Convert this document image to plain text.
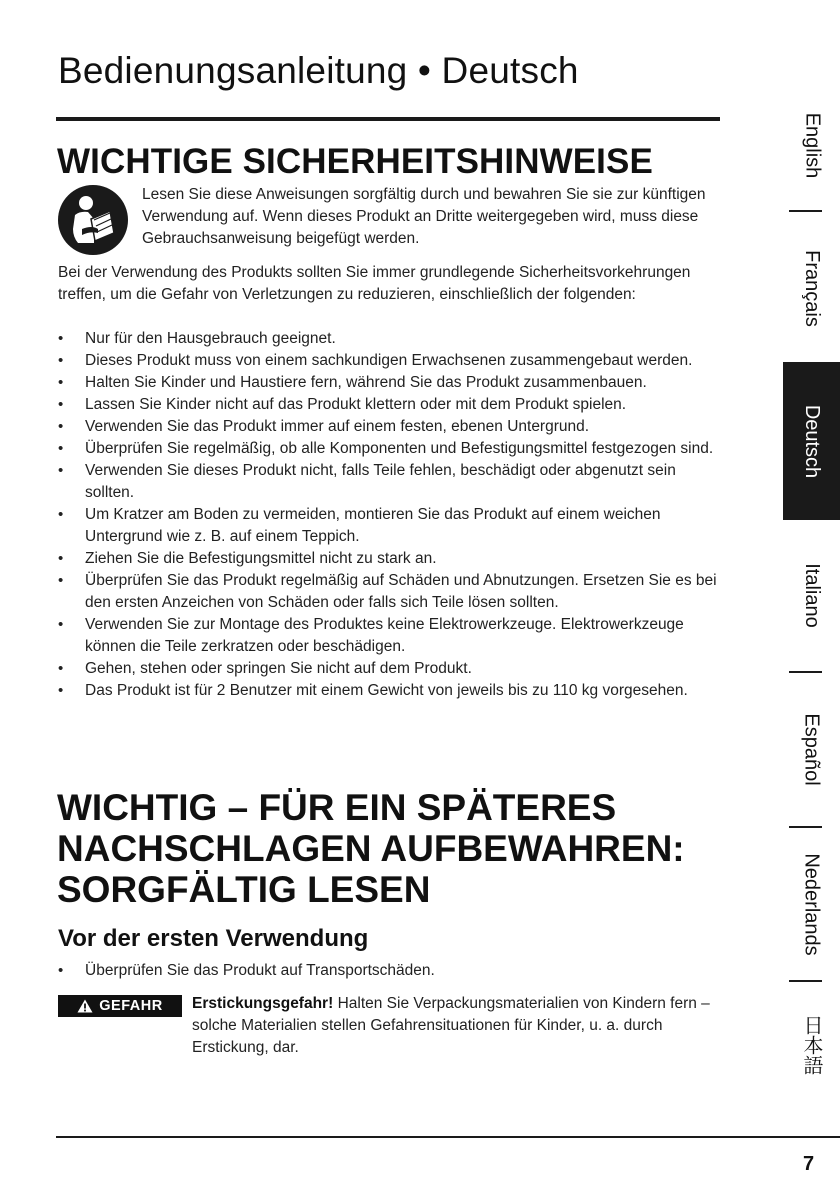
Bedienungsanleitung • Deutsch
WICHTIGE SICHERHEITSHINWEISE
Lesen Sie diese Anweisungen sorgfältig durch und bewahren Sie sie zur künftigen Verwendung auf. Wenn dieses Produkt an Dritte weitergegeben wird, muss diese Gebrauchsanweisung beigefügt werden.
Bei der Verwendung des Produkts sollten Sie immer grundlegende Sicherheitsvorkehrungen treffen, um die Gefahr von Verletzungen zu reduzieren, einschließlich der folgenden:
• Nur für den Hausgebrauch geeignet.
• Dieses Produkt muss von einem sachkundigen Erwachsenen zusammengebaut werden.
• Halten Sie Kinder und Haustiere fern, während Sie das Produkt zusammenbauen.
• Lassen Sie Kinder nicht auf das Produkt klettern oder mit dem Produkt spielen.
• Verwenden Sie das Produkt immer auf einem festen, ebenen Untergrund.
• Überprüfen Sie regelmäßig, ob alle Komponenten und Befestigungsmittel festgezogen sind.
• Verwenden Sie dieses Produkt nicht, falls Teile fehlen, beschädigt oder abgenutzt sein sollten.
• Um Kratzer am Boden zu vermeiden, montieren Sie das Produkt auf einem weichen Untergrund wie z. B. auf einem Teppich.
• Ziehen Sie die Befestigungsmittel nicht zu stark an.
• Überprüfen Sie das Produkt regelmäßig auf Schäden und Abnutzungen. Ersetzen Sie es bei den ersten Anzeichen von Schäden oder falls sich Teile lösen sollten.
• Verwenden Sie zur Montage des Produktes keine Elektrowerkzeuge. Elektrowerkzeuge können die Teile zerkratzen oder beschädigen.
• Gehen, stehen oder springen Sie nicht auf dem Produkt.
• Das Produkt ist für 2 Benutzer mit einem Gewicht von jeweils bis zu 110 kg vorgesehen.
WICHTIG – FÜR EIN SPÄTERES NACHSCHLAGEN AUFBEWAHREN: SORGFÄLTIG LESEN
Vor der ersten Verwendung
• Überprüfen Sie das Produkt auf Transportschäden.
GEFAHR Erstickungsgefahr! Halten Sie Verpackungsmaterialien von Kindern fern – solche Materialien stellen Gefahrensituationen für Kinder, u. a. durch Erstickung, dar.
English
Français
Deutsch
Italiano
Español
Nederlands
日本語
7
